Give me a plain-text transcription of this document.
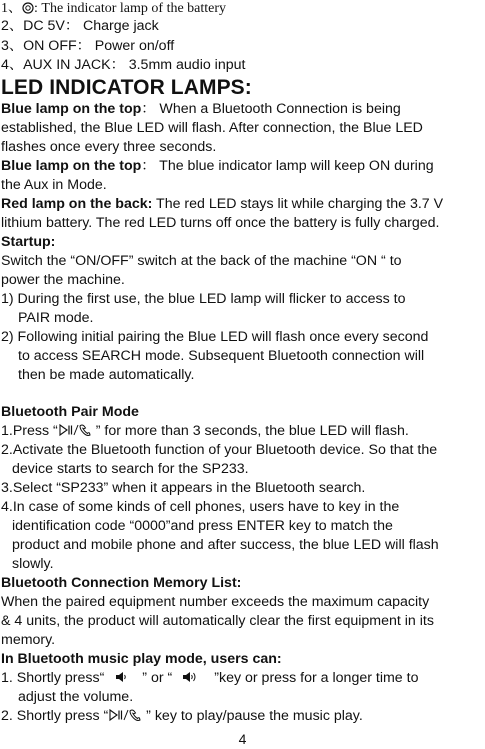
1、 : The indicator lamp of the battery
2、DC 5V： Charge jack
3、ON OFF： Power on/off
4、AUX IN JACK： 3.5mm audio input
LED INDICATOR LAMPS:
Blue lamp on the top： When a Bluetooth Connection is being
established, the Blue LED will flash. After connection, the Blue LED
flashes once every three seconds.
Blue lamp on the top： The blue indicator lamp will keep ON during
the Aux in Mode.
Red lamp on the back: The red LED stays lit while charging the 3.7 V
lithium battery. The red LED turns off once the battery is fully charged.
Startup:
Switch the “ON/OFF” switch at the back of the machine “ON “ to
power the machine.
1) During the first use, the blue LED lamp will flicker to access to
PAIR mode.
2) Following initial pairing the Blue LED will flash once every second
to access SEARCH mode. Subsequent Bluetooth connection will
then be made automatically.
Bluetooth Pair Mode
1.Press “ ” for more than 3 seconds, the blue LED will flash.
2.Activate the Bluetooth function of your Bluetooth device. So that the
device starts to search for the SP233.
3.Select “SP233” when it appears in the Bluetooth search.
4.In case of some kinds of cell phones, users have to key in the
identification code “0000”and press ENTER key to match the
product and mobile phone and after success, the blue LED will flash
slowly.
Bluetooth Connection Memory List:
When the paired equipment number exceeds the maximum capacity
& 4 units, the product will automatically clear the first equipment in its
memory.
In Bluetooth music play mode, users can:
1. Shortly press“	” or “	”key or press for a longer time to
adjust the volume.
2. Shortly press “ ” key to play/pause the music play.
4
